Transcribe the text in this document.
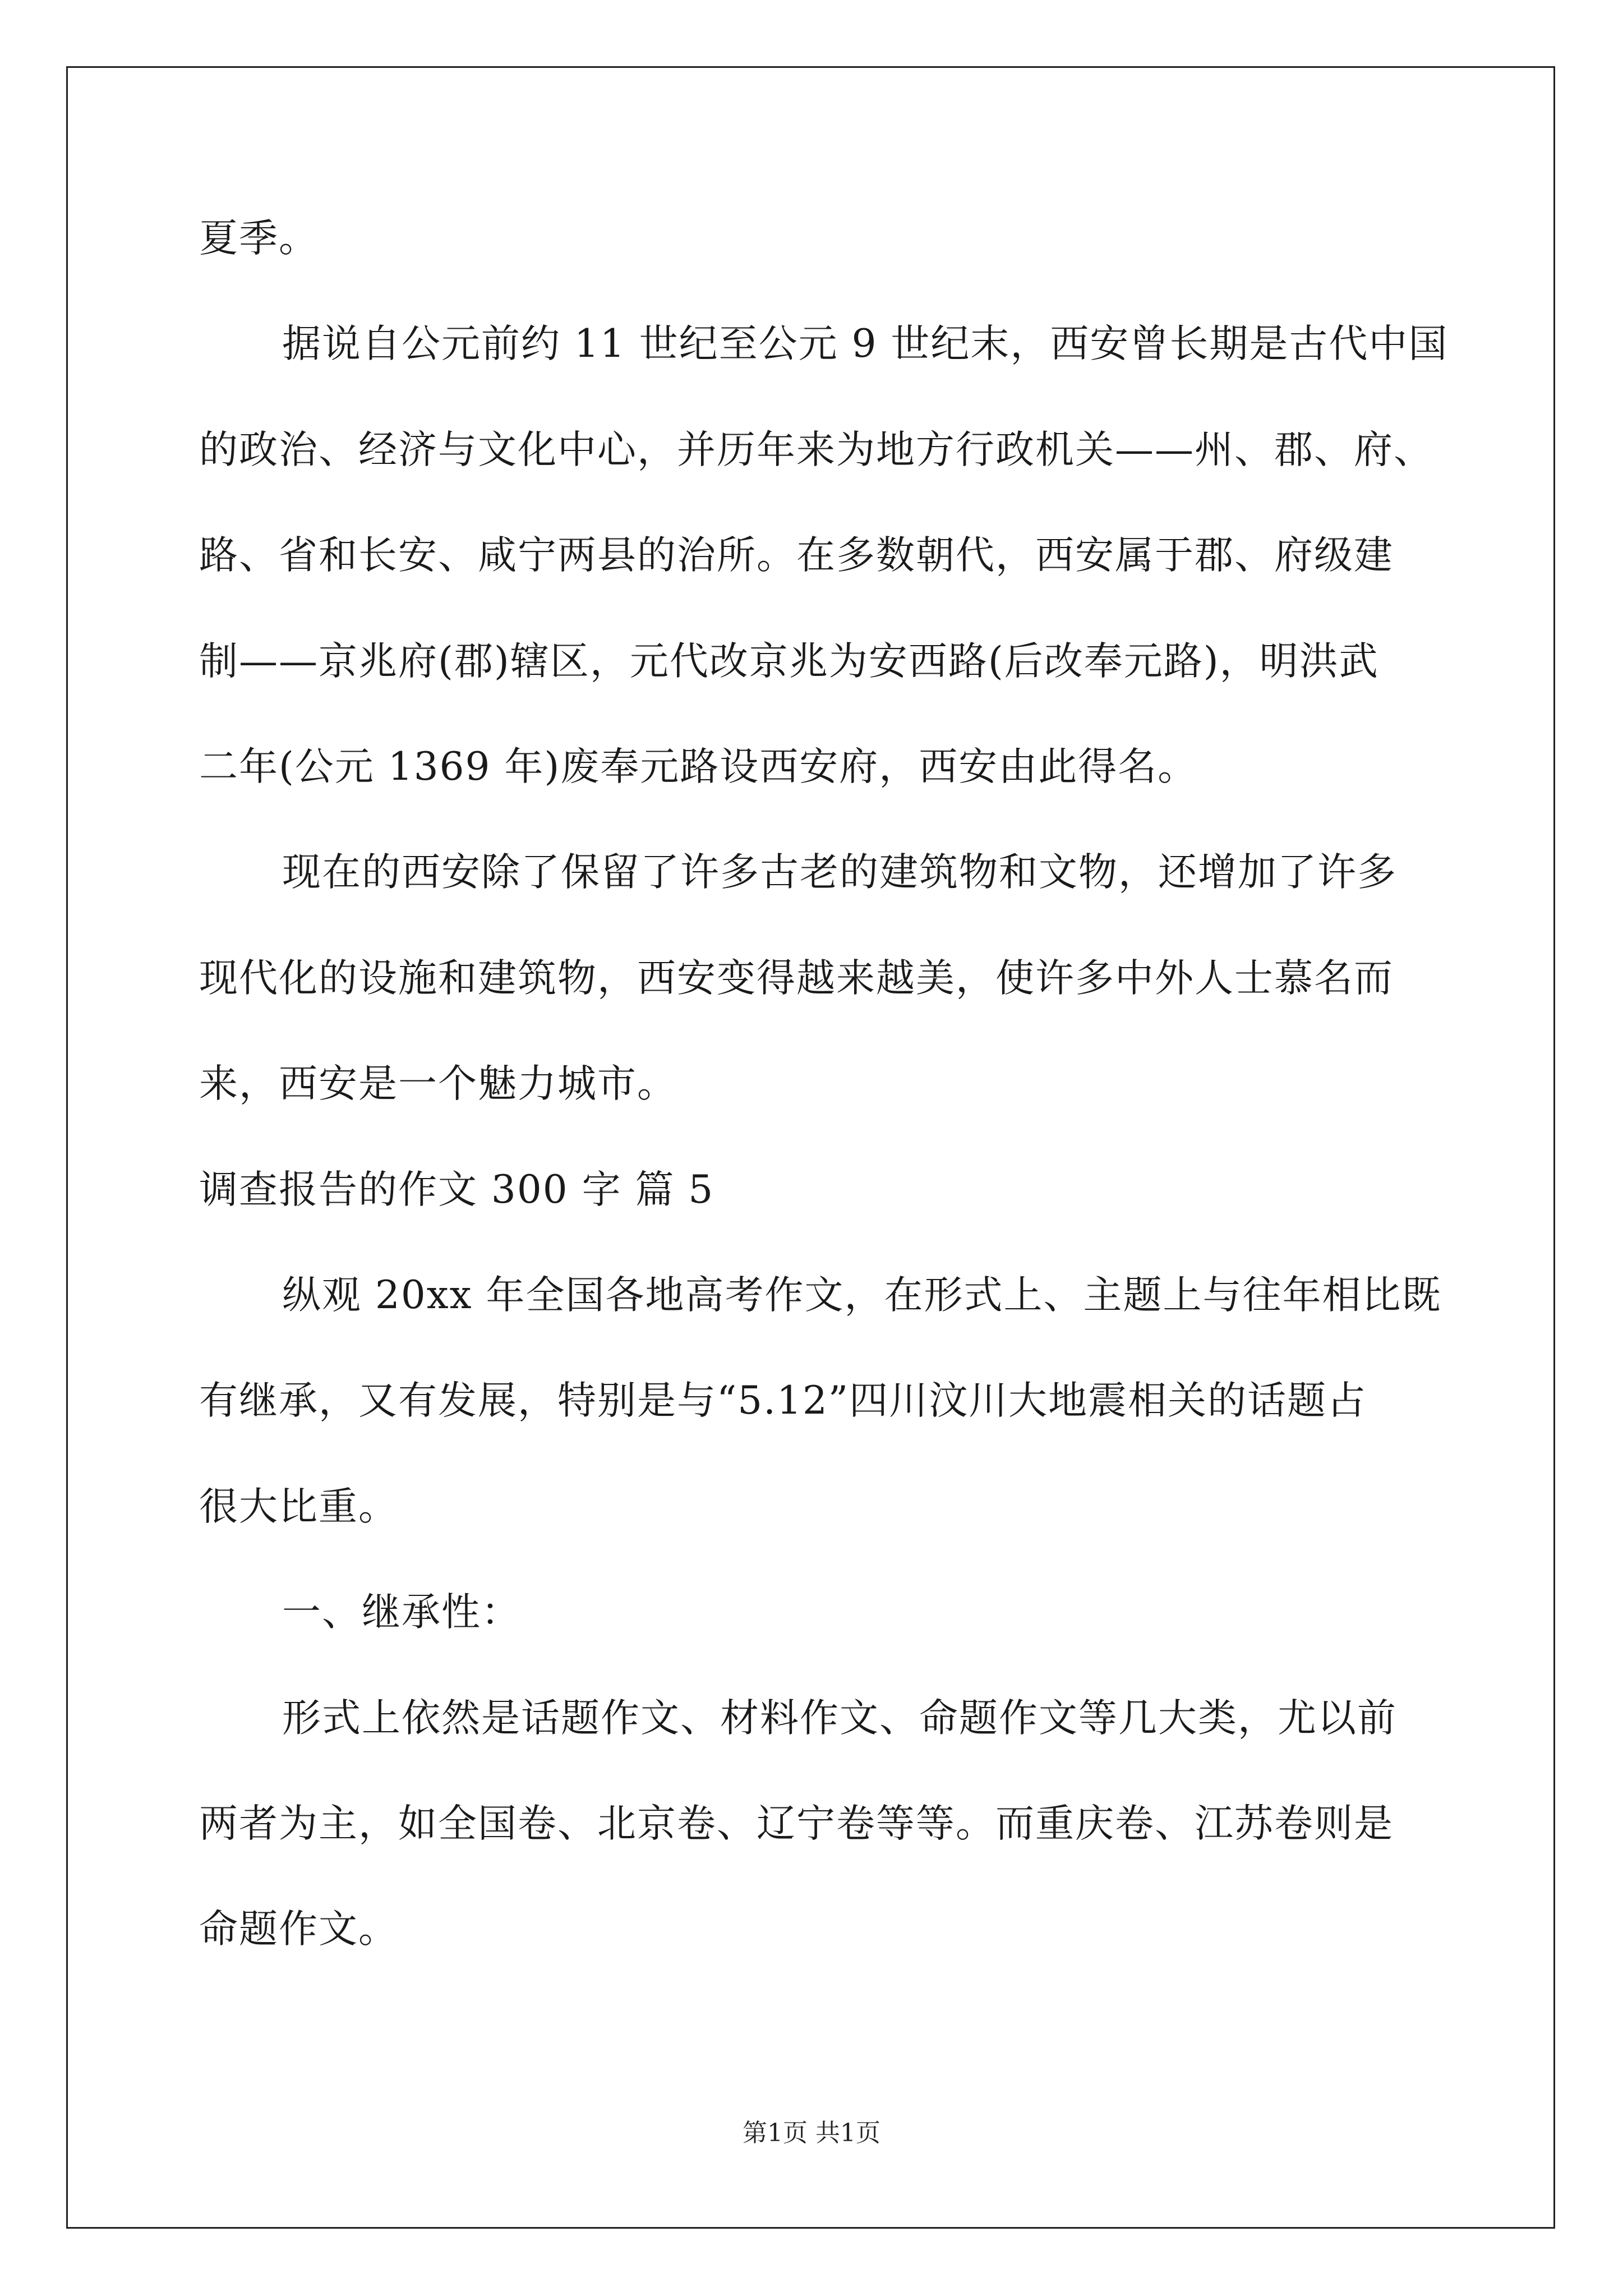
夏季。
据说自公元前约 11 世纪至公元 9 世纪末，西安曾长期是古代中国
的政治、经济与文化中心，并历年来为地方行政机关——州、郡、府、
路、省和长安、咸宁两县的治所。在多数朝代，西安属于郡、府级建
制——京兆府(郡)辖区，元代改京兆为安西路(后改奉元路)，明洪武
二年(公元 1369 年)废奉元路设西安府，西安由此得名。
现在的西安除了保留了许多古老的建筑物和文物，还增加了许多
现代化的设施和建筑物，西安变得越来越美，使许多中外人士慕名而
来，西安是一个魅力城市。
调查报告的作文 300 字 篇 5
纵观 20xx 年全国各地高考作文，在形式上、主题上与往年相比既
有继承，又有发展，特别是与“5.12”四川汶川大地震相关的话题占
很大比重。
一、继承性：
形式上依然是话题作文、材料作文、命题作文等几大类，尤以前
两者为主，如全国卷、北京卷、辽宁卷等等。而重庆卷、江苏卷则是
命题作文。
第1页 共1页
